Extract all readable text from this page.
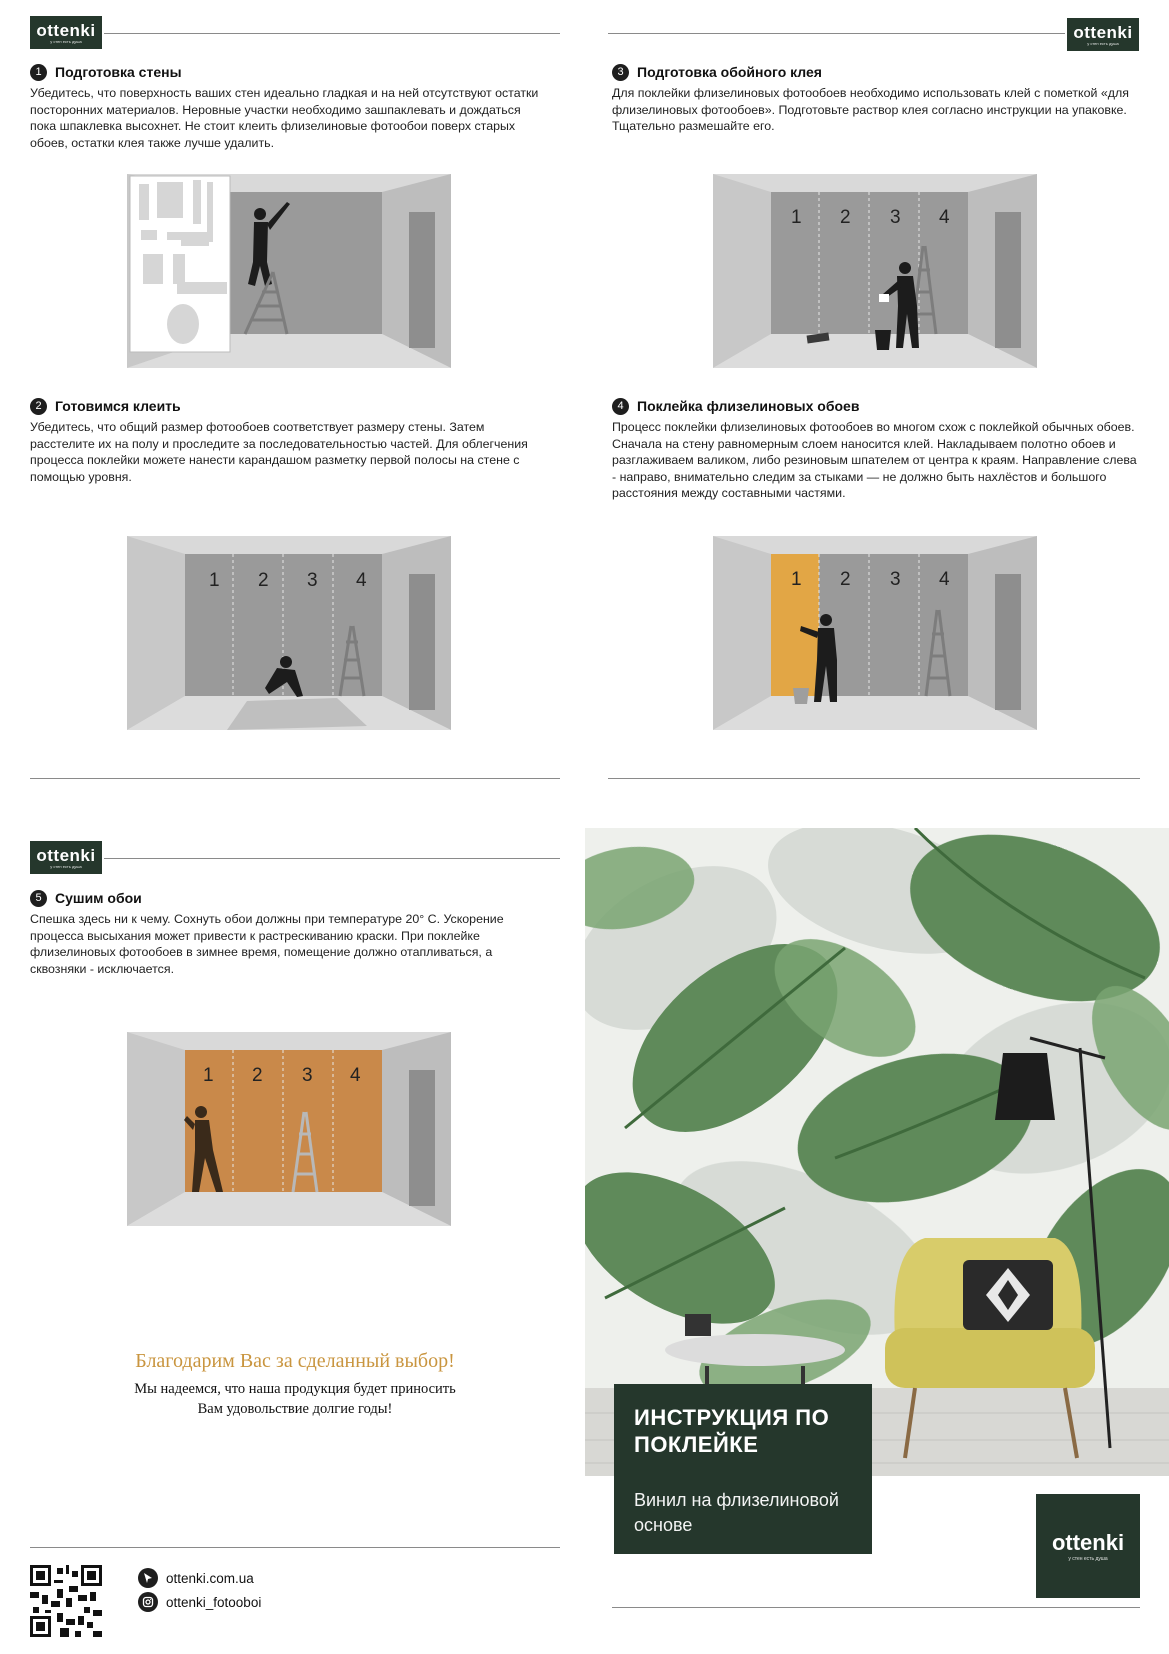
ottenki
у стен есть душа	ottenki
у стен есть душа
ottenki
у стен есть душа
1 Подготовка стены
Убедитесь, что поверхность ваших стен идеально гладкая и на ней отсутствуют остатки посторонних материалов. Неровные участки необходимо зашпаклевать и дождаться пока шпаклевка высохнет. Не стоит клеить флизелиновые фотообои поверх старых обоев, остатки клея также лучше удалить.
2 Готовимся клеить
Убедитесь, что общий размер фотообоев соответствует размеру стены. Затем расстелите их на полу и проследите за последовательностью частей. Для облегчения процесса поклейки можете нанести карандашом разметку первой полосы на стене с помощью уровня.
1 2 3 4
3 Подготовка обойного клея
Для поклейки флизелиновых фотообоев необходимо использовать клей с пометкой «для флизелиновых фотообоев». Подготовьте раствор клея согласно инструкции на упаковке. Тщательно размешайте его.
1 2 3 4
4 Поклейка флизелиновых обоев
Процесс поклейки флизелиновых фотообоев во многом схож с поклейкой обычных обоев. Сначала на стену равномерным слоем наносится клей. Накладываем полотно обоев и разглаживаем валиком, либо резиновым шпателем от центра к краям. Направление слева - направо, внимательно следим за стыками — не должно быть нахлёстов и большого расстояния между составными частями.
1 2 3 4
5 Сушим обои
Спешка здесь ни к чему. Сохнуть обои должны при температуре 20° С. Ускорение процесса высыхания может привести к растрескиванию краски. При поклейке флизелиновых фотообоев в зимнее время, помещение должно отапливаться, а сквозняки - исключается.
1 2 3 4
Благодарим Вас за сделанный выбор!
Мы надеемся, что наша продукция будет приносить
Вам удовольствие долгие годы!
ottenki.com.ua
ottenki_fotooboi
ИНСТРУКЦИЯ ПО
ПОКЛЕЙКЕ
Винил на флизелиновой
основе
ottenki
у стен есть душа
